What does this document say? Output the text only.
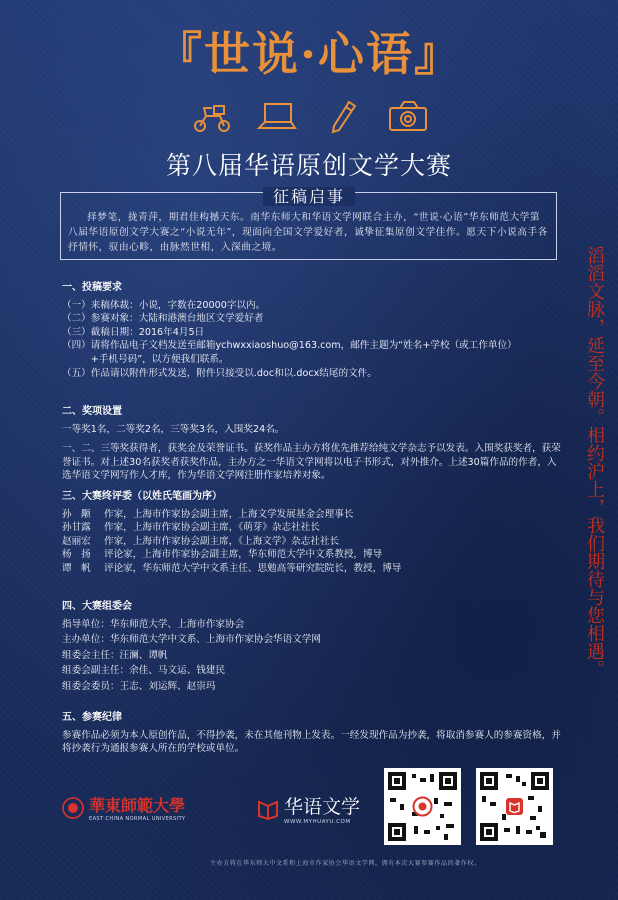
『世说·心语』
第八届华语原创文学大赛
征稿启事
择梦笔，拢青萍，期君佳构撼天东。南华东师大和华语文学网联合主办，“世说·心语”华东师范大学第八届华语原创文学大赛之“小说无年”，现面向全国文学爱好者，诚挚征集原创文学佳作。愿天下小说高手各抒情怀，驭由心畛，由脉然世相，入深曲之境。
一、投稿要求
（一）来稿体裁：小说，字数在20000字以内。
（二）参赛对象：大陆和港澳台地区文学爱好者
（三）截稿日期：2016年4月5日
（四）请将作品电子文档发送至邮箱ychwxxiaoshuo@163.com，邮件主题为“姓名+学校（或工作单位）
　　　+手机号码”，以方便我们联系。
（五）作品请以附件形式发送，附件只接受以.doc和以.docx结尾的文件。
二、奖项设置
一等奖1名，二等奖2名，三等奖3名，入围奖24名。
一、二、三等奖获得者，获奖金及荣誉证书。获奖作品主办方将优先推荐给纯文学杂志予以发表。入围奖获奖者，获荣誉证书。对上述30名获奖者获奖作品，主办方之一华语文学网将以电子书形式，对外推介。上述30篇作品的作者，入选华语文学网写作人才库，作为华语文学网注册作家培养对象。
三、大赛终评委（以姓氏笔画为序）
孙　颙	作家，上海市作家协会副主席，上海文学发展基金会理事长
孙甘露	作家，上海市作家协会副主席，《萌芽》杂志社社长
赵丽宏	作家，上海市作家协会副主席，《上海文学》杂志社社长
杨　扬	评论家，上海市作家协会副主席，华东师范大学中文系教授，博导
谭　帆	评论家，华东师范大学中文系主任、思勉高等研究院院长，教授，博导
四、大赛组委会
指导单位：华东师范大学、上海市作家协会
主办单位：华东师范大学中文系、上海市作家协会华语文学网
组委会主任：汪澜、谭帆
组委会副主任：余佳、马文运、钱建民
组委会委员：王志、刘运辉、赵崇玛
五、参赛纪律
参赛作品必须为本人原创作品，不得抄袭，未在其他刊物上发表。一经发现作品为抄袭，将取消参赛人的参赛资格，并将抄袭行为通报参赛人所在的学校或单位。
滔滔文脉，延至今朝。相约沪上，我们期待与您相遇。
華東師範大學
EAST CHINA NORMAL UNIVERSITY
华语文学
WWW.MYHUAYU.COM
主办方将在华东师大中文系和上海市作家协会华语文学网，拥有本次大赛参赛作品的著作权。
